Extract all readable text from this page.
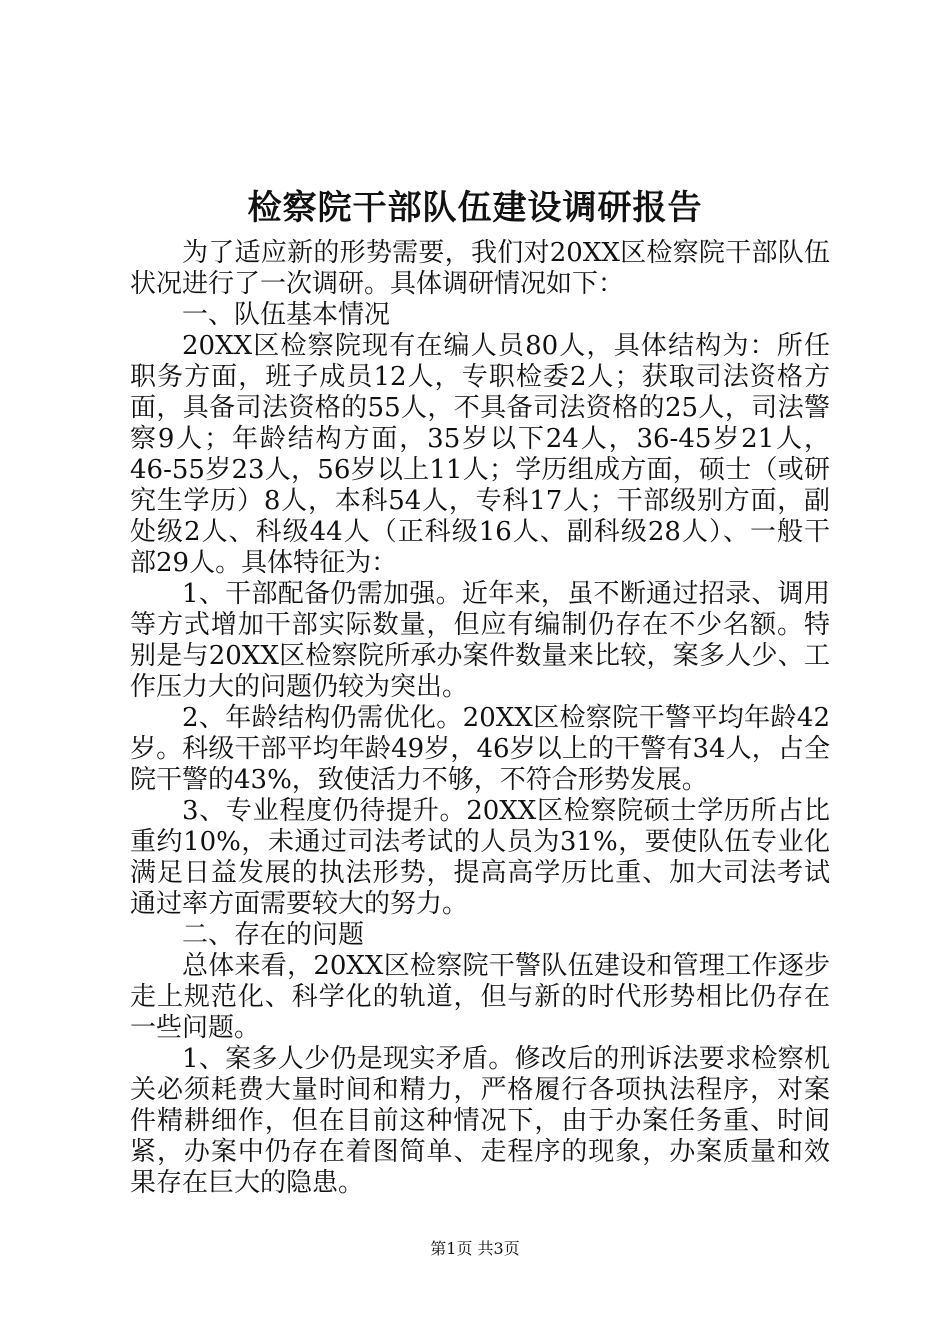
检察院干部队伍建设调研报告

为了适应新的形势需要，我们对20XX区检察院干部队伍状况进行了一次调研。具体调研情况如下：

一、队伍基本情况

20XX区检察院现有在编人员80人，具体结构为：所任职务方面，班子成员12人，专职检委2人；获取司法资格方面，具备司法资格的55人，不具备司法资格的25人，司法警察9人；年龄结构方面，35岁以下24人，36-45岁21人，46-55岁23人，56岁以上11人；学历组成方面，硕士（或研究生学历）8人，本科54人，专科17人；干部级别方面，副处级2人、科级44人（正科级16人、副科级28人）、一般干部29人。具体特征为：

1、干部配备仍需加强。近年来，虽不断通过招录、调用等方式增加干部实际数量，但应有编制仍存在不少名额。特别是与20XX区检察院所承办案件数量来比较，案多人少、工作压力大的问题仍较为突出。

2、年龄结构仍需优化。20XX区检察院干警平均年龄42岁。科级干部平均年龄49岁，46岁以上的干警有34人，占全院干警的43%，致使活力不够，不符合形势发展。

3、专业程度仍待提升。20XX区检察院硕士学历所占比重约10%，未通过司法考试的人员为31%，要使队伍专业化满足日益发展的执法形势，提高高学历比重、加大司法考试通过率方面需要较大的努力。

二、存在的问题

总体来看，20XX区检察院干警队伍建设和管理工作逐步走上规范化、科学化的轨道，但与新的时代形势相比仍存在一些问题。

1、案多人少仍是现实矛盾。修改后的刑诉法要求检察机关必须耗费大量时间和精力，严格履行各项执法程序，对案件精耕细作，但在目前这种情况下，由于办案任务重、时间紧，办案中仍存在着图简单、走程序的现象，办案质量和效果存在巨大的隐患。

第1页 共3页
